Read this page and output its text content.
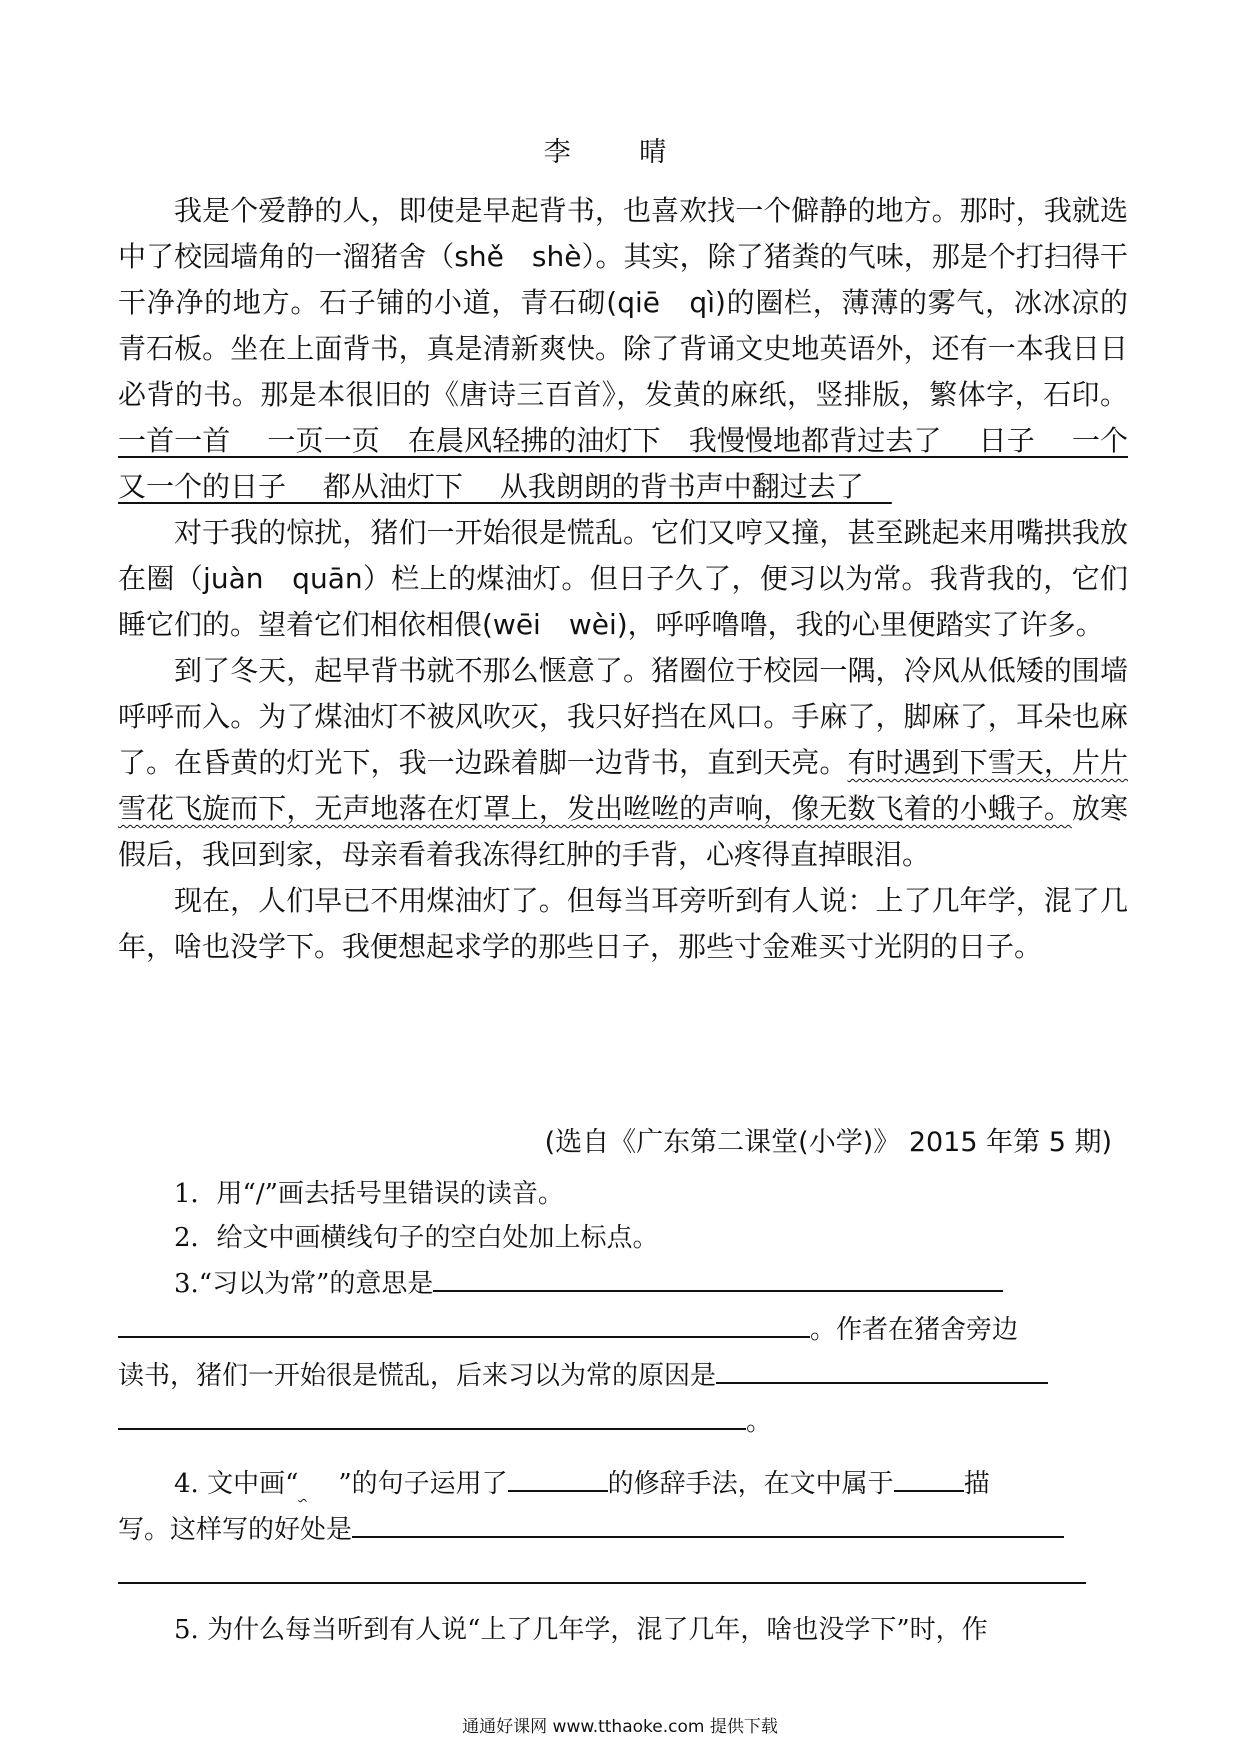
李 晴

我是个爱静的人，即使是早起背书，也喜欢找一个僻静的地方。那时，我就选中了校园墙角的一溜猪舍（shě　shè）。其实，除了猪粪的气味，那是个打扫得干干净净的地方。石子铺的小道，青石砌(qiē　qì)的圈栏，薄薄的雾气，冰冰凉的青石板。坐在上面背书，真是清新爽快。除了背诵文史地英语外，还有一本我日日必背的书。那是本很旧的《唐诗三百首》，发黄的麻纸，竖排版，繁体字，石印。一首一首　 一页一页　在晨风轻拂的油灯下　我慢慢地都背过去了　 日子　 一个又一个的日子　 都从油灯下　 从我朗朗的背书声中翻过去了　

对于我的惊扰，猪们一开始很是慌乱。它们又哼又撞，甚至跳起来用嘴拱我放在圈（juàn　quān）栏上的煤油灯。但日子久了，便习以为常。我背我的，它们睡它们的。望着它们相依相偎(wēi　wèi)，呼呼噜噜，我的心里便踏实了许多。

到了冬天，起早背书就不那么惬意了。猪圈位于校园一隅，冷风从低矮的围墙呼呼而入。为了煤油灯不被风吹灭，我只好挡在风口。手麻了，脚麻了，耳朵也麻了。在昏黄的灯光下，我一边跺着脚一边背书，直到天亮。有时遇到下雪天，片片雪花飞旋而下，无声地落在灯罩上，发出咝咝的声响，像无数飞着的小蛾子。放寒假后，我回到家，母亲看着我冻得红肿的手背，心疼得直掉眼泪。

现在，人们早已不用煤油灯了。但每当耳旁听到有人说：上了几年学，混了几年，啥也没学下。我便想起求学的那些日子，那些寸金难买寸光阴的日子。

(选自《广东第二课堂(小学)》 2015 年第 5 期)
1．用“/”画去括号里错误的读音。
2．给文中画横线句子的空白处加上标点。
3.“习以为常”的意思是
。作者在猪舍旁边
读书，猪们一开始很是慌乱，后来习以为常的原因是
。
4. 文中画“ ”的句子运用了	的修辞手法，在文中属于	描
写。这样写的好处是
5. 为什么每当听到有人说“上了几年学，混了几年，啥也没学下”时，作
通通好课网 www.tthaoke.com 提供下载
